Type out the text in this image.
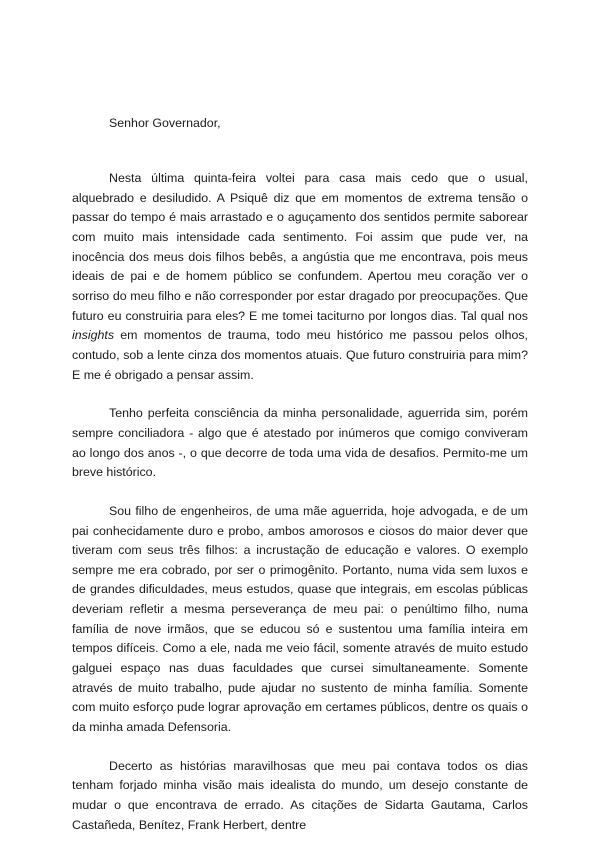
Senhor Governador,

Nesta última quinta-feira voltei para casa mais cedo que o usual, alquebrado e desiludido. A Psiquê diz que em momentos de extrema tensão o passar do tempo é mais arrastado e o aguçamento dos sentidos permite saborear com muito mais intensidade cada sentimento. Foi assim que pude ver, na inocência dos meus dois filhos bebês, a angústia que me encontrava, pois meus ideais de pai e de homem público se confundem. Apertou meu coração ver o sorriso do meu filho e não corresponder por estar dragado por preocupações. Que futuro eu construiria para eles? E me tomei taciturno por longos dias. Tal qual nos insights em momentos de trauma, todo meu histórico me passou pelos olhos, contudo, sob a lente cinza dos momentos atuais. Que futuro construiria para mim? E me é obrigado a pensar assim.

Tenho perfeita consciência da minha personalidade, aguerrida sim, porém sempre conciliadora - algo que é atestado por inúmeros que comigo conviveram ao longo dos anos -, o que decorre de toda uma vida de desafios. Permito-me um breve histórico.

Sou filho de engenheiros, de uma mãe aguerrida, hoje advogada, e de um pai conhecidamente duro e probo, ambos amorosos e ciosos do maior dever que tiveram com seus três filhos: a incrustação de educação e valores. O exemplo sempre me era cobrado, por ser o primogênito. Portanto, numa vida sem luxos e de grandes dificuldades, meus estudos, quase que integrais, em escolas públicas deveriam refletir a mesma perseverança de meu pai: o penúltimo filho, numa família de nove irmãos, que se educou só e sustentou uma família inteira em tempos difíceis. Como a ele, nada me veio fácil, somente através de muito estudo galguei espaço nas duas faculdades que cursei simultaneamente. Somente através de muito trabalho, pude ajudar no sustento de minha família. Somente com muito esforço pude lograr aprovação em certames públicos, dentre os quais o da minha amada Defensoria.

Decerto as histórias maravilhosas que meu pai contava todos os dias tenham forjado minha visão mais idealista do mundo, um desejo constante de mudar o que encontrava de errado. As citações de Sidarta Gautama, Carlos Castañeda, Benítez, Frank Herbert, dentre
